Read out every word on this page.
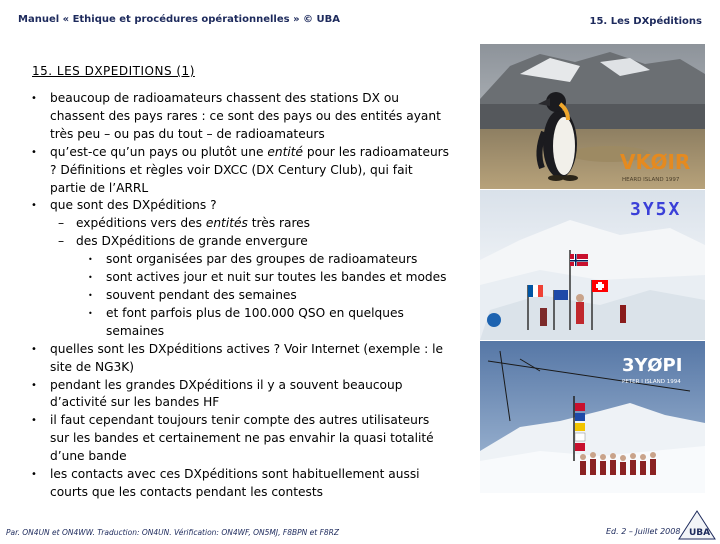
Manuel « Ethique et procédures opérationnelles » © UBA	15. Les DXpéditions
15. LES DXPEDITIONS (1)
• beaucoup de radioamateurs chassent des stations DX ou chassent des pays rares : ce sont des pays ou des entités ayant très peu – ou pas du tout – de radioamateurs
• qu’est-ce qu’un pays ou plutôt une entité pour les radioamateurs ? Définitions et règles voir DXCC (DX Century Club), qui fait partie de l’ARRL
• que sont des DXpéditions ?
– expéditions vers des entités très rares
– des DXpéditions de grande envergure
• sont organisées par des groupes de radioamateurs
• sont actives jour et nuit sur toutes les bandes et modes
• souvent pendant des semaines
• et font parfois plus de 100.000 QSO en quelques semaines
• quelles sont les DXpéditions actives ? Voir Internet (exemple : le site de NG3K)
• pendant les grandes DXpéditions il y a souvent beaucoup d’activité sur les bandes HF
• il faut cependant toujours tenir compte des autres utilisateurs sur les bandes et certainement ne pas envahir la quasi totalité d’une bande
• les contacts avec ces DXpéditions sont habituellement aussi courts que les contacts pendant les contests
VKØIR
HEARD ISLAND 1997
3Y5X
3YØPI
PETER I ISLAND 1994
Par. ON4UN et ON4WW. Traduction: ON4UN. Vérification: ON4WF, ON5MJ, F8BPN et F8RZ	Ed. 2 – Juillet 2008 UBA
